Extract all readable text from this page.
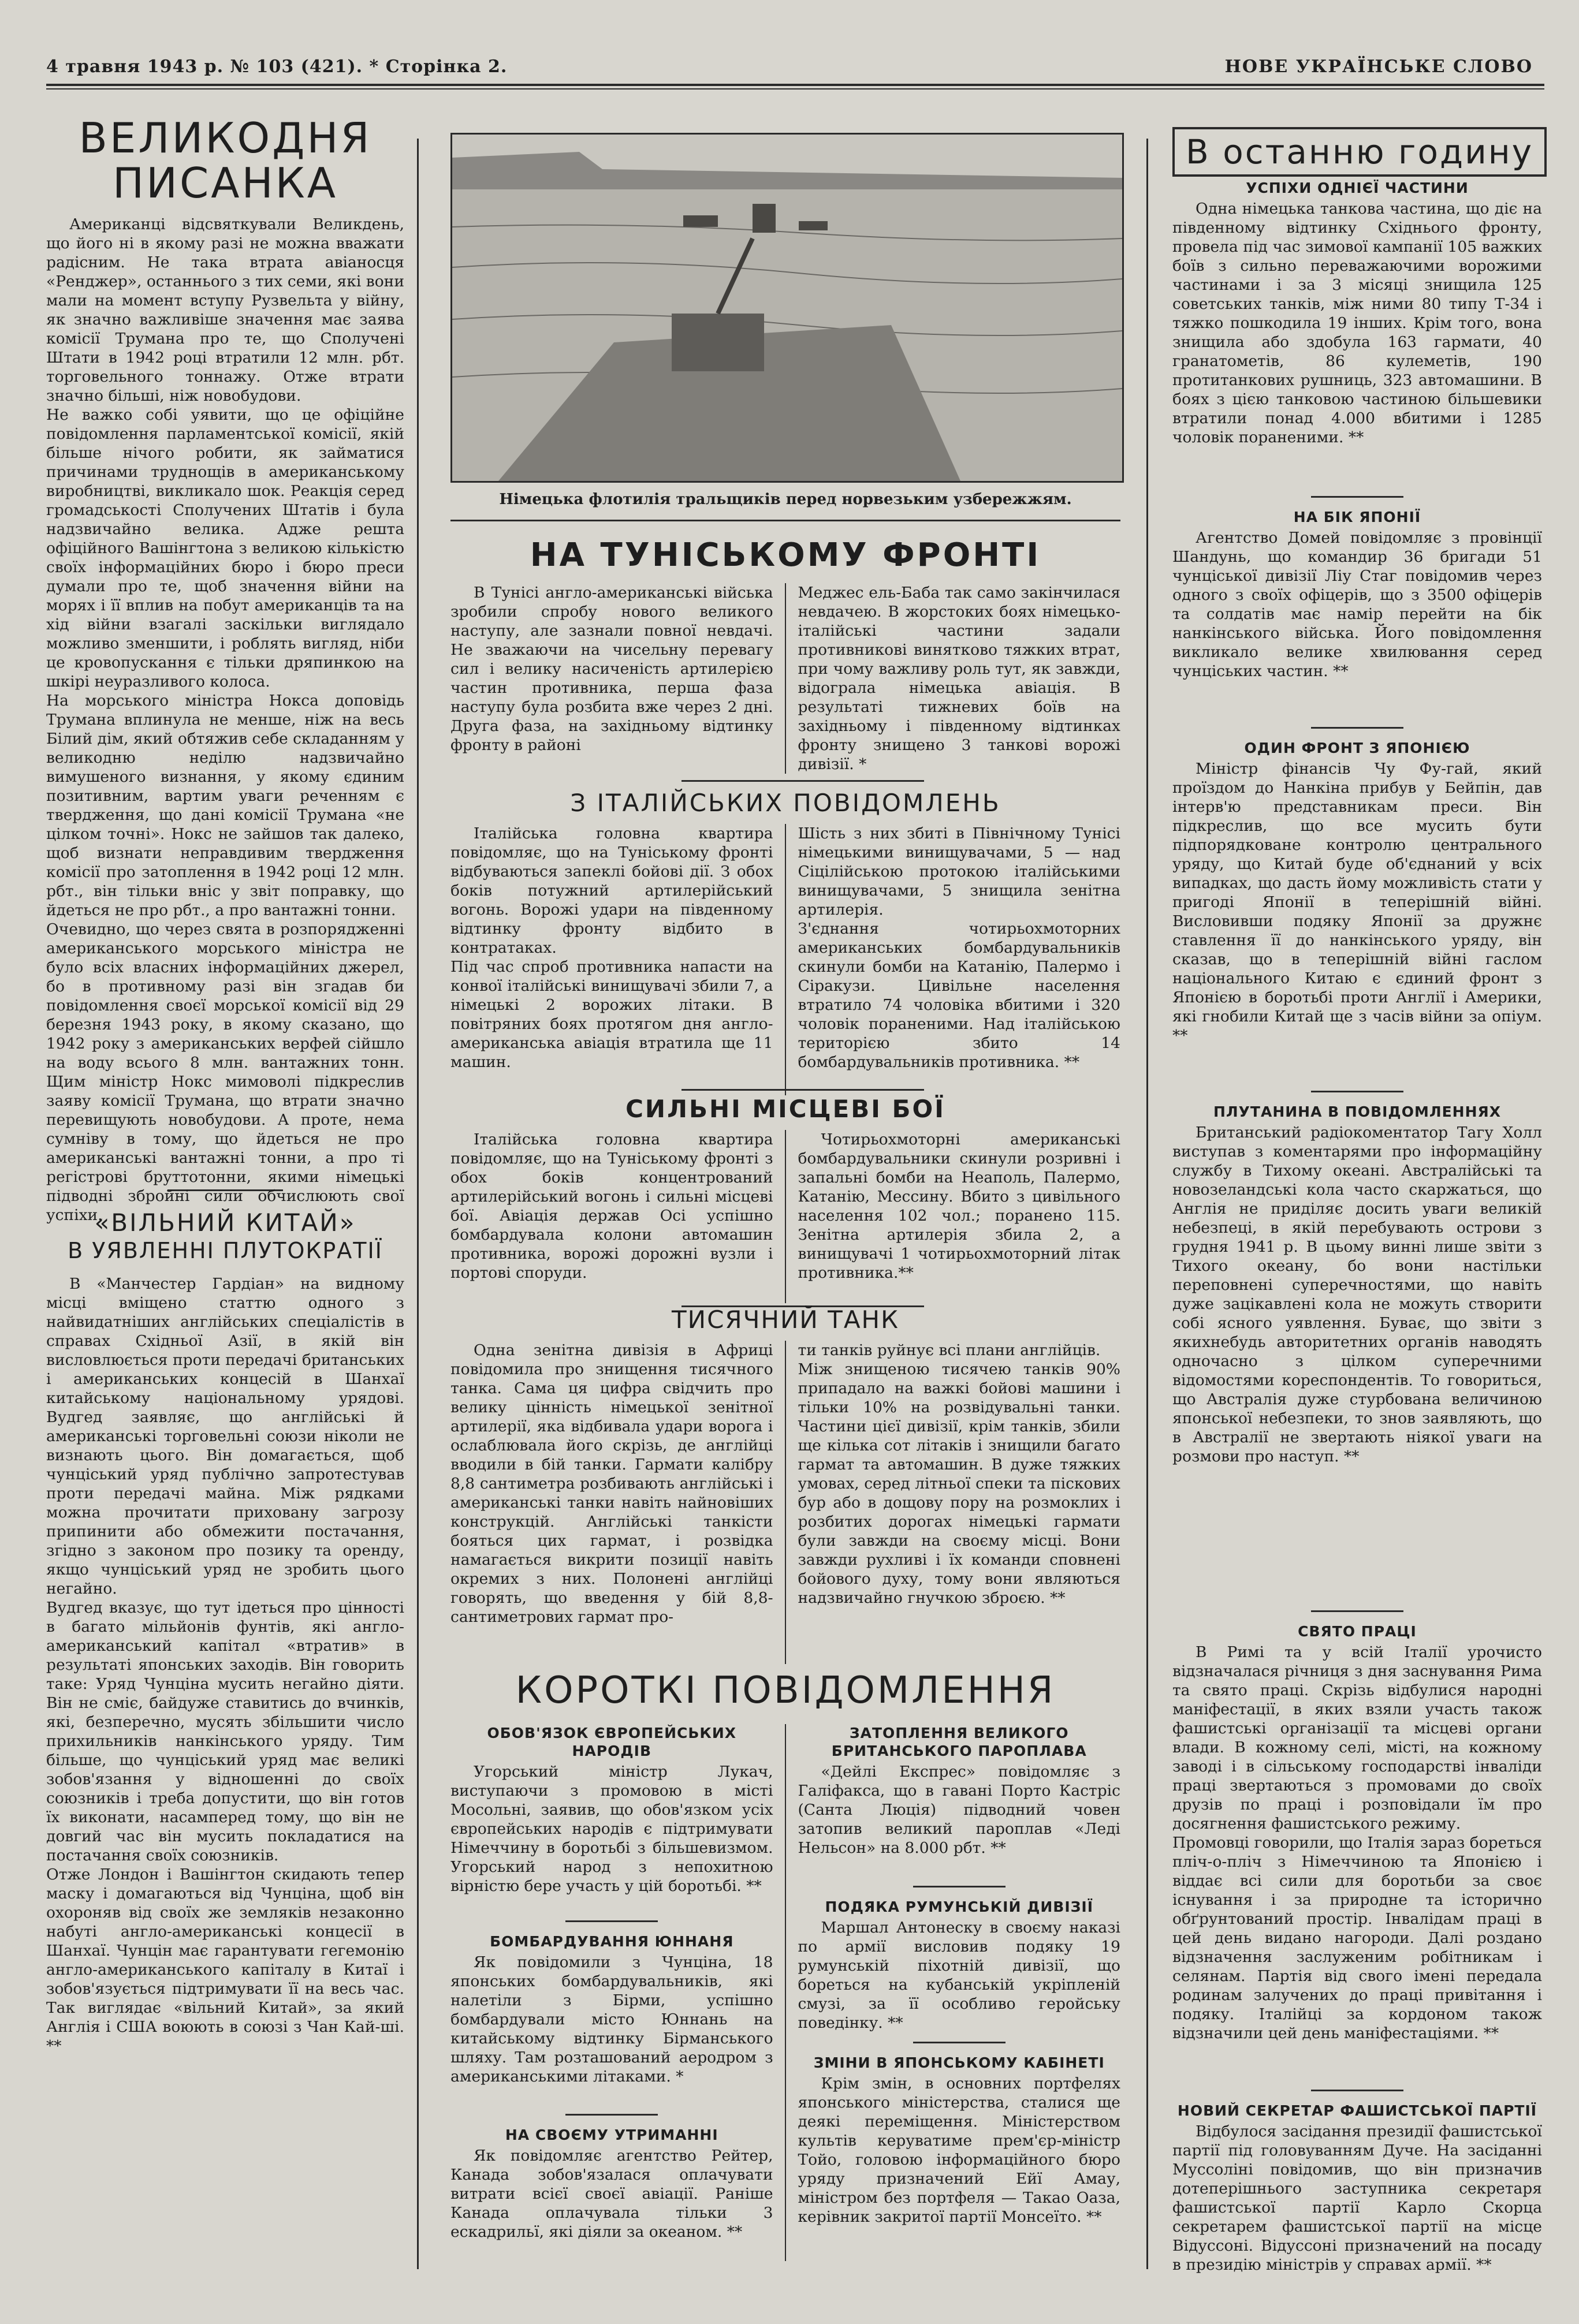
4 травня 1943 р. № 103 (421). * Сторінка 2.	НОВЕ УКРАЇНСЬКЕ СЛОВО
ВЕЛИКОДНЯ ПИСАНКА

Американці відсвяткували Великдень, що його ні в якому разі не можна вважати радісним. Не така втрата авіаносця «Ренджер», останнього з тих семи, які вони мали на момент вступу Рузвельта у війну, як значно важливіше значення має заява комісії Трумана про те, що Сполучені Штати в 1942 році втратили 12 млн. рбт. торговельного тоннажу. Отже втрати значно більші, ніж новобудови.
Не важко собі уявити, що це офіційне повідомлення парламентської комісії, якій більше нічого робити, як займатися причинами труднощів в американському виробництві, викликало шок. Реакція серед громадськості Сполучених Штатів і була надзвичайно велика. Адже решта офіційного Вашінгтона з великою кількістю своїх інформаційних бюро і бюро преси думали про те, щоб значення війни на морях і її вплив на побут американців та на хід війни взагалі заскільки виглядало можливо зменшити, і роблять вигляд, ніби це кровопускання є тільки дряпинкою на шкірі неуразливого колоса.
На морського міністра Нокса доповідь Трумана вплинула не менше, ніж на весь Білий дім, який обтяжив себе складанням у великодню неділю надзвичайно вимушеного визнання, у якому єдиним позитивним, вартим уваги реченням є твердження, що дані комісії Трумана «не цілком точні». Нокс не зайшов так далеко, щоб визнати неправдивим твердження комісії про затоплення в 1942 році 12 млн. рбт., він тільки вніс у звіт поправку, що йдеться не про рбт., а про вантажні тонни.
Очевидно, що через свята в розпорядженні американського морського міністра не було всіх власних інформаційних джерел, бо в противному разі він згадав би повідомлення своєї морської комісії від 29 березня 1943 року, в якому сказано, що 1942 року з американських верфей сійшло на воду всього 8 млн. вантажних тонн. Щим міністр Нокс мимоволі підкреслив заяву комісії Трумана, що втрати значно перевищують новобудови. А проте, нема сумніву в тому, що йдеться не про американські вантажні тонни, а про ті регістрові бруттотонни, якими німецькі підводні збройні сили обчислюють свої успіхи.

«ВІЛЬНИЙ КИТАЙ»
В УЯВЛЕННІ ПЛУТОКРАТІЇ

В «Манчестер Гардіан» на видному місці вміщено статтю одного з найвидатніших англійських спеціалістів в справах Східньої Азії, в якій він висловлюється проти передачі британських і американських концесій в Шанхаї китайському національному урядові. Вудгед заявляє, що англійські й американські торговельні союзи ніколи не визнають цього. Він домагається, щоб чунціський уряд публічно запротестував проти передачі майна. Між рядками можна прочитати приховану загрозу припинити або обмежити постачання, згідно з законом про позику та оренду, якщо чунціський уряд не зробить цього негайно.
Вудгед вказує, що тут ідеться про цінності в багато мільйонів фунтів, які англо-американський капітал «втратив» в результаті японських заходів. Він говорить таке: Уряд Чунціна мусить негайно діяти. Він не сміє, байдуже ставитись до вчинків, які, безперечно, мусять збільшити число прихильників нанкінського уряду. Тим більше, що чунціський уряд має великі зобов'язання у відношенні до своїх союзників і треба допустити, що він готов їх виконати, насамперед тому, що він не довгий час він мусить покладатися на постачання своїх союзників.
Отже Лондон і Вашінгтон скидають тепер маску і домагаються від Чунціна, щоб він охороняв від своїх же земляків незаконно набуті англо-американські концесії в Шанхаї. Чунцін має гарантувати гегемонію англо-американського капіталу в Китаї і зобов'язується підтримувати її на весь час. Так виглядає «вільний Китай», за який Англія і США воюють в союзі з Чан Кай-ші. **

Німецька флотилія тральщиків перед норвезьким узбережжям.
НА ТУНІСЬКОМУ ФРОНТІ

В Тунісі англо-американські війська зробили спробу нового великого наступу, але зазнали повної невдачі. Не зважаючи на чисельну перевагу сил і велику насиченість артилерією частин противника, перша фаза наступу була розбита вже через 2 дні. Друга фаза, на західньому відтинку фронту в районі

Меджес ель-Баба так само закінчилася невдачею. В жорстоких боях німецько-італійські частини задали противникові винятково тяжких втрат, при чому важливу роль тут, як завжди, відограла німецька авіація. В результаті тижневих боїв на західньому і південному відтинках фронту знищено 3 танкові ворожі дивізії. *

З ІТАЛІЙСЬКИХ ПОВІДОМЛЕНЬ

Італійська головна квартира повідомляє, що на Туніському фронті відбуваються запеклі бойові дії. З обох боків потужний артилерійський вогонь. Ворожі удари на південному відтинку фронту відбито в контратаках.
Під час спроб противника напасти на конвої італійські винищувачі збили 7, а німецькі 2 ворожих літаки. В повітряних боях протягом дня англо-американська авіація втратила ще 11 машин.

Шість з них збиті в Північному Тунісі німецькими винищувачами, 5 — над Сіцілійською протокою італійськими винищувачами, 5 знищила зенітна артилерія.
З'єднання чотирьохмоторних американських бомбардувальників скинули бомби на Катанію, Палермо і Сіракузи. Цивільне населення втратило 74 чоловіка вбитими і 320 чоловік пораненими. Над італійською територією збито 14 бомбардувальників противника. **

СИЛЬНІ МІСЦЕВІ БОЇ

Італійська головна квартира повідомляє, що на Туніському фронті з обох боків концентрований артилерійський вогонь і сильні місцеві бої. Авіація держав Осі успішно бомбардувала колони автомашин противника, ворожі дорожні вузли і портові споруди.

Чотирьохмоторні американські бомбардувальники скинули розривні і запальні бомби на Неаполь, Палермо, Катанію, Мессину. Вбито з цивільного населення 102 чол.; поранено 115. Зенітна артилерія збила 2, а винищувачі 1 чотирьохмоторний літак противника.**

ТИСЯЧНИЙ ТАНК

Одна зенітна дивізія в Африці повідомила про знищення тисячного танка. Сама ця цифра свідчить про велику цінність німецької зенітної артилерії, яка відбивала удари ворога і ослаблювала його скрізь, де англійці вводили в бій танки. Гармати калібру 8,8 сантиметра розбивають англійські і американські танки навіть найновіших конструкцій. Англійські танкісти бояться цих гармат, і розвідка намагається викрити позиції навіть окремих з них. Полонені англійці говорять, що введення у бій 8,8-сантиметрових гармат про-

ти танків руйнує всі плани англійців.
Між знищеною тисячею танків 90% припадало на важкі бойові машини і тільки 10% на розвідувальні танки. Частини цієї дивізії, крім танків, збили ще кілька сот літаків і знищили багато гармат та автомашин. В дуже тяжких умовах, серед літньої спеки та піскових бур або в дощову пору на розмоклих і розбитих дорогах німецькі гармати були завжди на своєму місці. Вони завжди рухливі і їх команди сповнені бойового духу, тому вони являються надзвичайно гнучкою зброєю. **

КОРОТКІ ПОВІДОМЛЕННЯ
ОБОВ'ЯЗОК ЄВРОПЕЙСЬКИХ НАРОДІВ

Угорський міністр Лукач, виступаючи з промовою в місті Мосольні, заявив, що обов'язком усіх європейських народів є підтримувати Німеччину в боротьбі з більшевизмом. Угорський народ з непохитною вірністю бере участь у цій боротьбі. **

БОМБАРДУВАННЯ ЮННАНЯ

Як повідомили з Чунціна, 18 японських бомбардувальників, які налетіли з Бірми, успішно бомбардували місто Юннань на китайському відтинку Бірманського шляху. Там розташований аеродром з американськими літаками. *

НА СВОЄМУ УТРИМАННІ

Як повідомляє агентство Рейтер, Канада зобов'язалася оплачувати витрати всієї своєї авіації. Раніше Канада оплачувала тільки 3 ескадрильї, які діяли за океаном. **

ЗАТОПЛЕННЯ ВЕЛИКОГО БРИТАНСЬКОГО ПАРОПЛАВА

«Дейлі Експрес» повідомляє з Галіфакса, що в гавані Порто Кастріс (Санта Люція) підводний човен затопив великий пароплав «Леді Нельсон» на 8.000 рбт. **

ПОДЯКА РУМУНСЬКІЙ ДИВІЗІЇ

Маршал Антонеску в своєму наказі по армії висловив подяку 19 румунській піхотній дивізії, що бореться на кубанській укріпленій смузі, за її особливо геройську поведінку. **

ЗМІНИ В ЯПОНСЬКОМУ КАБІНЕТІ

Крім змін, в основних портфелях японського міністерства, сталися ще деякі переміщення. Міністерством культів керуватиме прем'єр-міністр Тойо, головою інформаційного бюро уряду призначений Ейї Амау, міністром без портфеля — Такао Оаза, керівник закритої партії Монсеїто. **

В останню годину
УСПІХИ ОДНІЄЇ ЧАСТИНИ

Одна німецька танкова частина, що діє на південному відтинку Східнього фронту, провела під час зимової кампанії 105 важких боїв з сильно переважаючими ворожими частинами і за 3 місяці знищила 125 советських танків, між ними 80 типу Т-34 і тяжко пошкодила 19 інших. Крім того, вона знищила або здобула 163 гармати, 40 гранатометів, 86 кулеметів, 190 протитанкових рушниць, 323 автомашини. В боях з цією танковою частиною більшевики втратили понад 4.000 вбитими і 1285 чоловік пораненими. **

НА БІК ЯПОНІЇ

Агентство Домей повідомляє з провінції Шандунь, що командир 36 бригади 51 чунціської дивізії Ліу Стаг повідомив через одного з своїх офіцерів, що з 3500 офіцерів та солдатів має намір перейти на бік нанкінського війська. Його повідомлення викликало велике хвилювання серед чунціських частин. **

ОДИН ФРОНТ З ЯПОНІЄЮ

Міністр фінансів Чу Фу-гай, який проїздом до Нанкіна прибув у Бейпін, дав інтерв'ю представникам преси. Він підкреслив, що все мусить бути підпорядковане контролю центрального уряду, що Китай буде об'єднаний у всіх випадках, що дасть йому можливість стати у пригоді Японії в теперішній війні. Висловивши подяку Японії за дружнє ставлення її до нанкінського уряду, він сказав, що в теперішній війні гаслом національного Китаю є єдиний фронт з Японією в боротьбі проти Англії і Америки, які гнобили Китай ще з часів війни за опіум. **

ПЛУТАНИНА В ПОВІДОМЛЕННЯХ

Британський радіокоментатор Тагу Холл виступав з коментарями про інформаційну службу в Тихому океані. Австралійські та новозеландські кола часто скаржаться, що Англія не приділяє досить уваги великій небезпеці, в якій перебувають острови з грудня 1941 р. В цьому винні лише звіти з Тихого океану, бо вони настільки переповнені суперечностями, що навіть дуже зацікавлені кола не можуть створити собі ясного уявлення. Буває, що звіти з якихнебудь авторитетних органів наводять одночасно з цілком суперечними відомостями кореспондентів. То говориться, що Австралія дуже стурбована величиною японської небезпеки, то знов заявляють, що в Австралії не звертають ніякої уваги на розмови про наступ. **

СВЯТО ПРАЦІ

В Римі та у всій Італії урочисто відзначалася річниця з дня заснування Рима та свято праці. Скрізь відбулися народні маніфестації, в яких взяли участь також фашистські організації та місцеві органи влади. В кожному селі, місті, на кожному заводі і в сільському господарстві інваліди праці звертаються з промовами до своїх друзів по праці і розповідали їм про досягнення фашистського режиму.
Промовці говорили, що Італія зараз бореться пліч-о-пліч з Німеччиною та Японією і віддає всі сили для боротьби за своє існування і за природне та історично обґрунтований простір. Інвалідам праці в цей день видано нагороди. Далі роздано відзначення заслуженим робітникам і селянам. Партія від свого імені передала родинам залучених до праці привітання і подяку. Італійці за кордоном також відзначили цей день маніфестаціями. **

НОВИЙ СЕКРЕТАР ФАШИСТСЬКОЇ ПАРТІЇ

Відбулося засідання президії фашистської партії під головуванням Дуче. На засіданні Муссоліні повідомив, що він призначив дотеперішнього заступника секретаря фашистської партії Карло Скорца секретарем фашистської партії на місце Відуссоні. Відуссоні призначений на посаду в президію міністрів у справах армії. **
